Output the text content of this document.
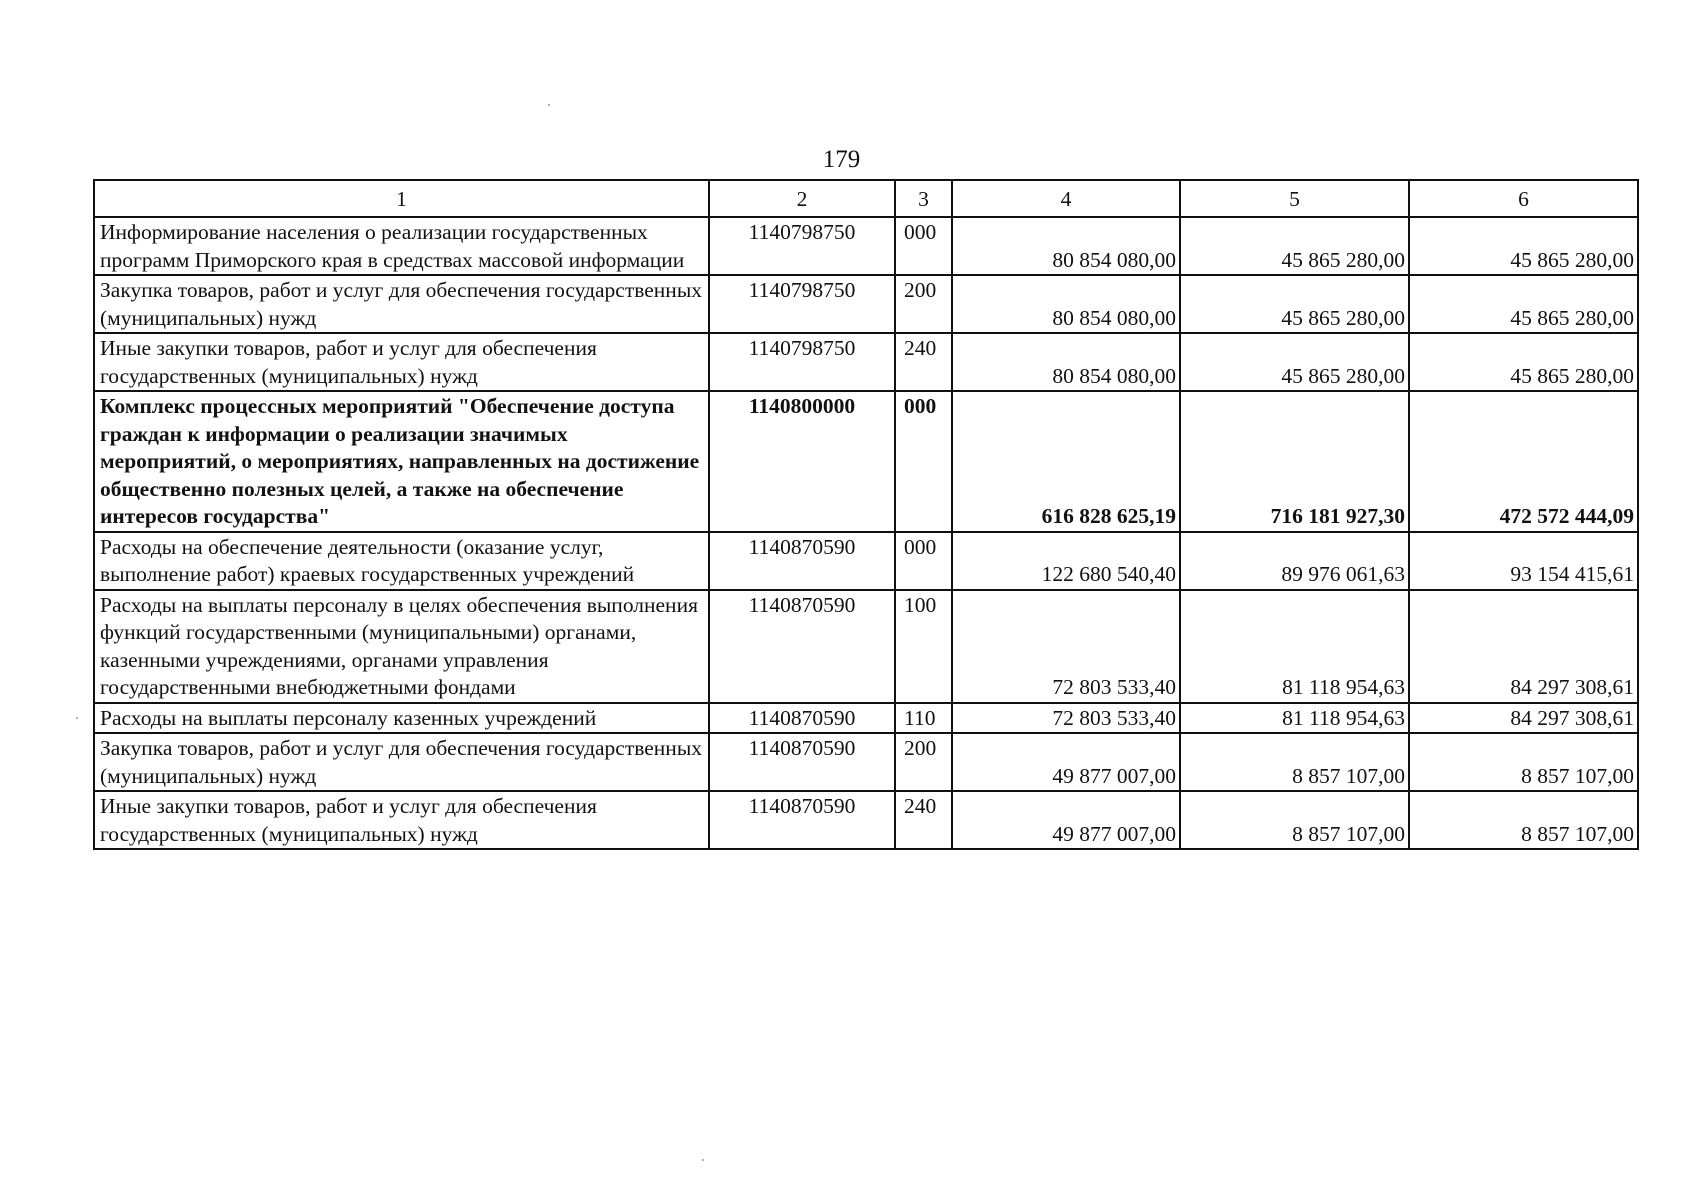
179
1	2	3	4	5	6
Информирование населения о реализации государственных программ Приморского края в средствах массовой информации	1140798750	000	80 854 080,00	45 865 280,00	45 865 280,00
Закупка товаров, работ и услуг для обеспечения государственных (муниципальных) нужд	1140798750	200	80 854 080,00	45 865 280,00	45 865 280,00
Иные закупки товаров, работ и услуг для обеспечения государственных (муниципальных) нужд	1140798750	240	80 854 080,00	45 865 280,00	45 865 280,00
Комплекс процессных мероприятий "Обеспечение доступа граждан к информации о реализации значимых мероприятий, о мероприятиях, направленных на достижение общественно полезных целей, а также на обеспечение интересов государства"	1140800000	000	616 828 625,19	716 181 927,30	472 572 444,09
Расходы на обеспечение деятельности (оказание услуг, выполнение работ) краевых государственных учреждений	1140870590	000	122 680 540,40	89 976 061,63	93 154 415,61
Расходы на выплаты персоналу в целях обеспечения выполнения функций государственными (муниципальными) органами, казенными учреждениями, органами управления государственными внебюджетными фондами	1140870590	100	72 803 533,40	81 118 954,63	84 297 308,61
Расходы на выплаты персоналу казенных учреждений	1140870590	110	72 803 533,40	81 118 954,63	84 297 308,61
Закупка товаров, работ и услуг для обеспечения государственных (муниципальных) нужд	1140870590	200	49 877 007,00	8 857 107,00	8 857 107,00
Иные закупки товаров, работ и услуг для обеспечения государственных (муниципальных) нужд	1140870590	240	49 877 007,00	8 857 107,00	8 857 107,00
